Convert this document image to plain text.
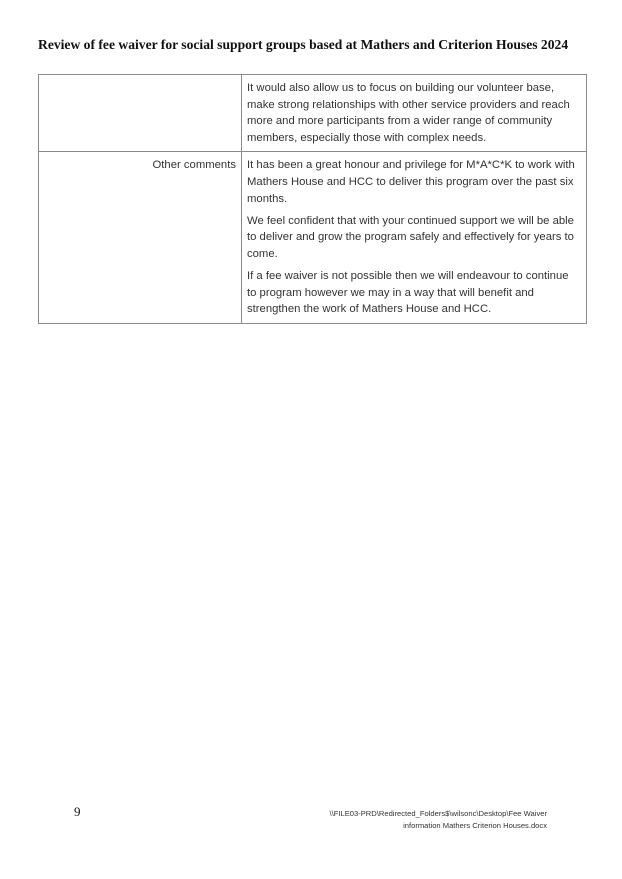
Review of fee waiver for social support groups based at Mathers and Criterion Houses 2024

	It would also allow us to focus on building our volunteer base, make strong relationships with other service providers and reach more and more participants from a wider range of community members, especially those with complex needs.

Other comments	It has been a great honour and privilege for M*A*C*K to work with Mathers House and HCC to deliver this program over the past six months.

We feel confident that with your continued support we will be able to deliver and grow the program safely and effectively for years to come.

If a fee waiver is not possible then we will endeavour to continue to program however we may in a way that will benefit and strengthen the work of Mathers House and HCC.

9	\\FILE03-PRD\Redirected_Folders$\wilsonc\Desktop\Fee Waiver
information Mathers Criterion Houses.docx
